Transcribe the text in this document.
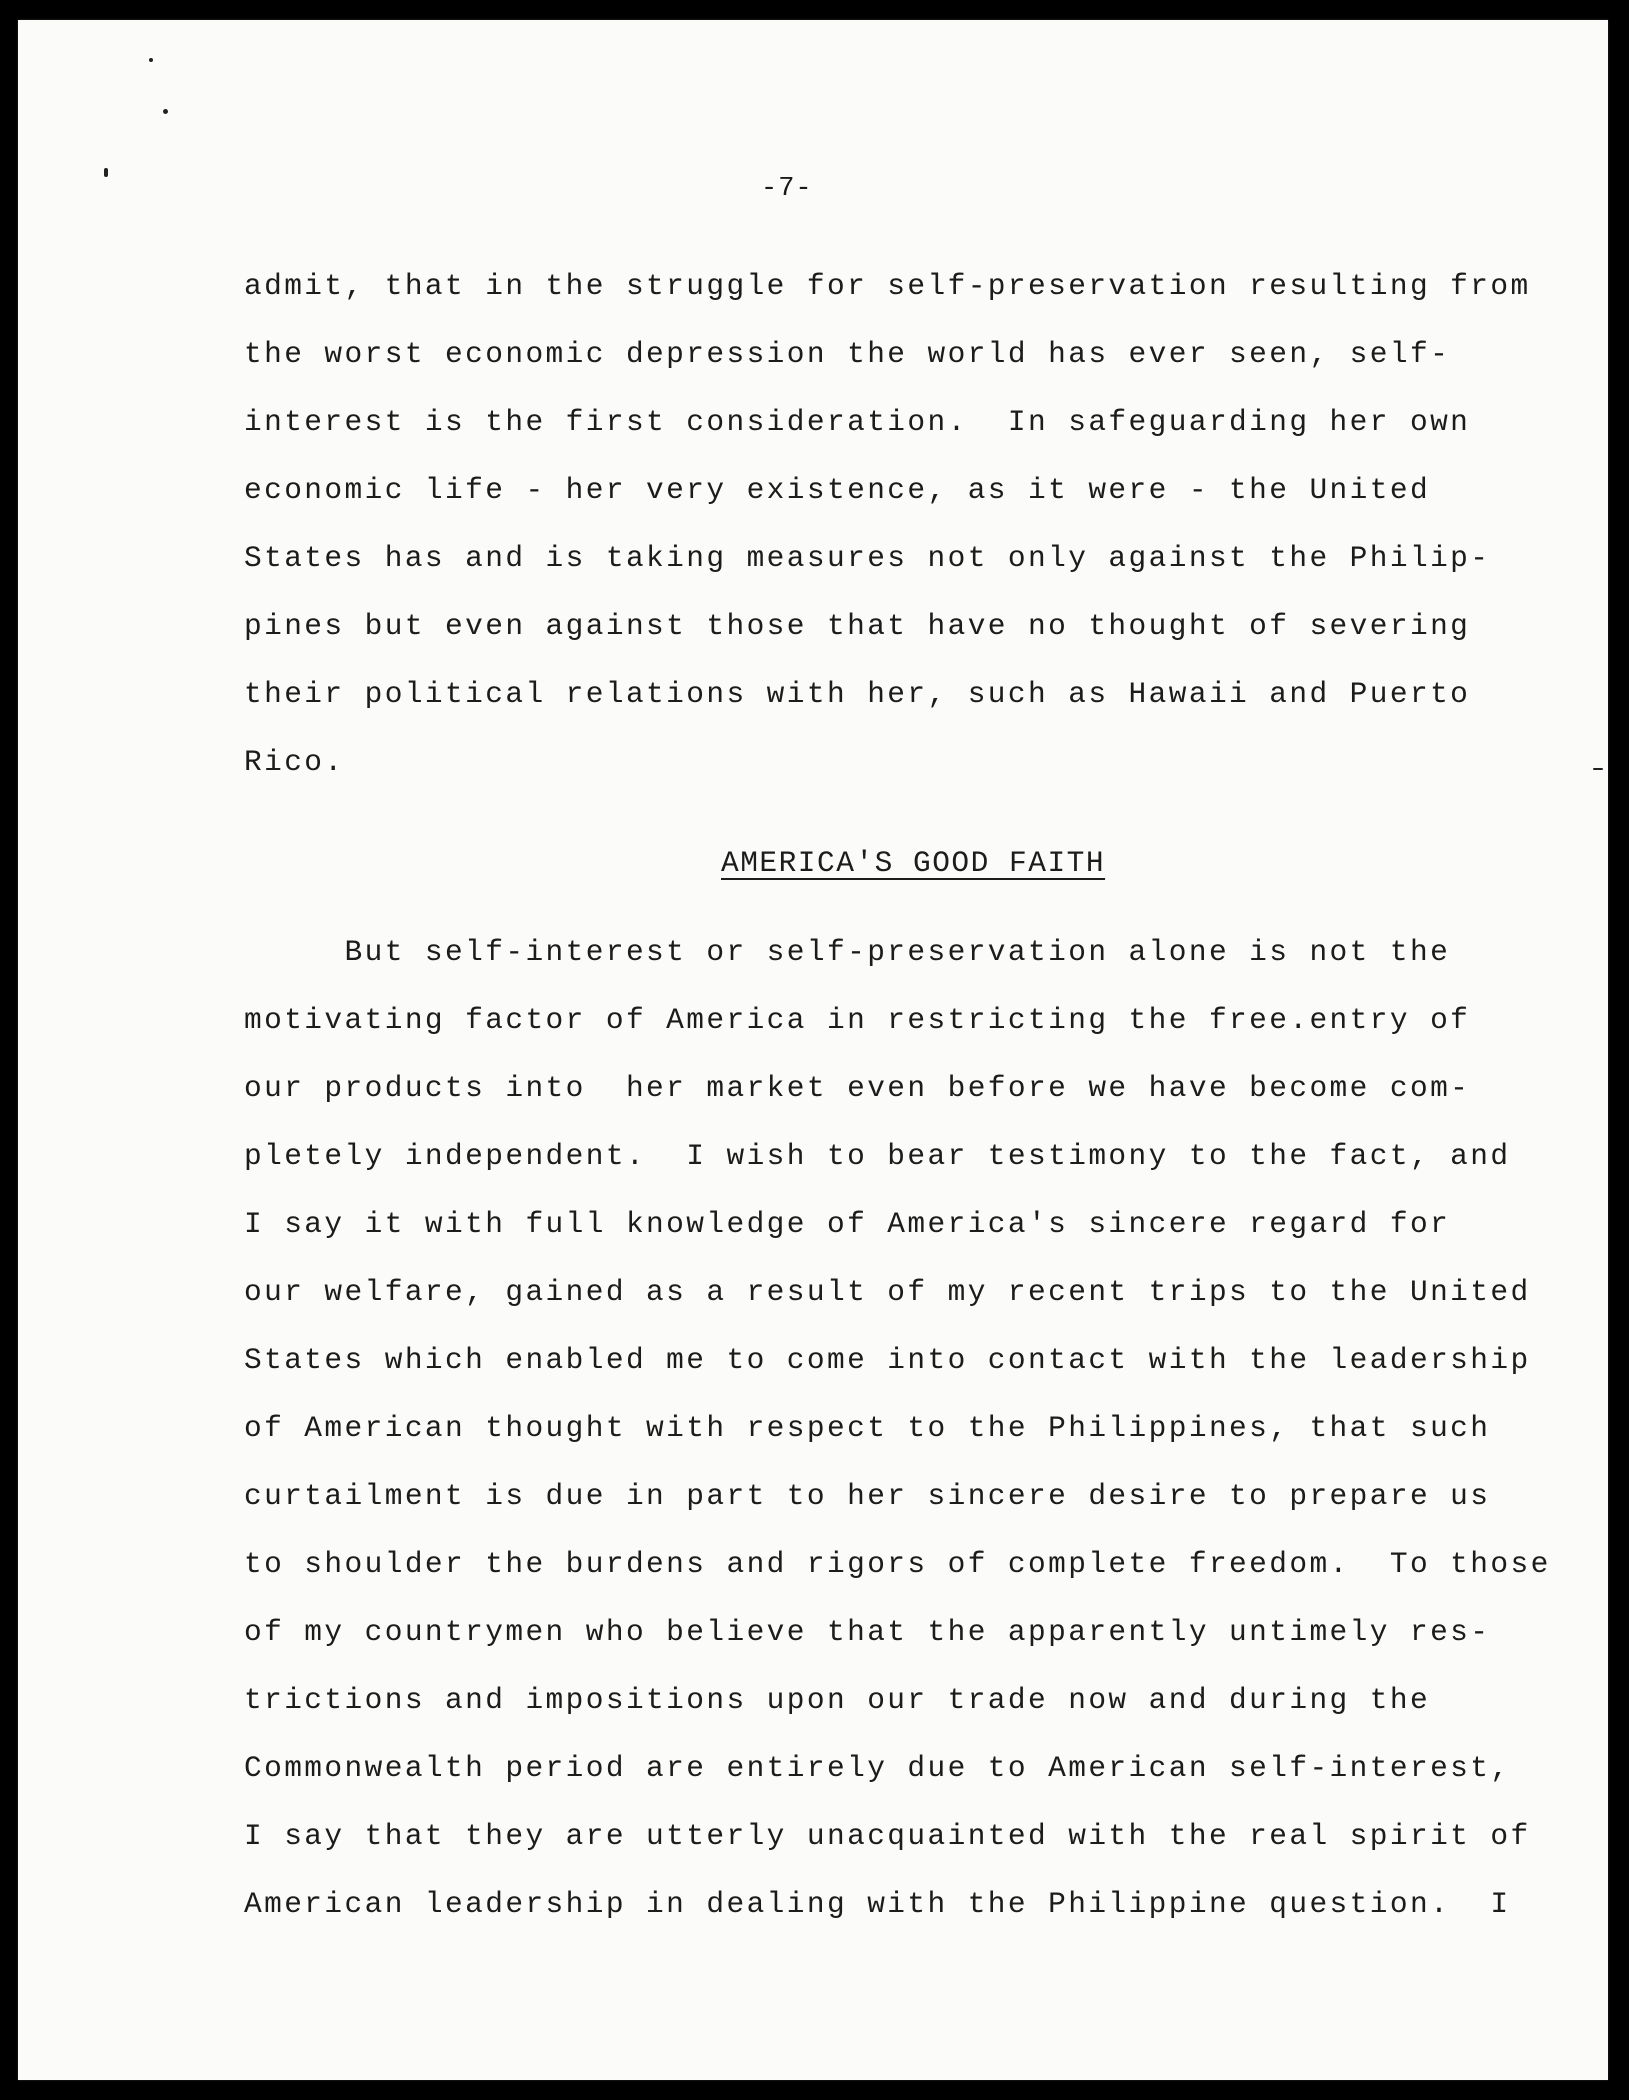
-7-
admit, that in the struggle for self-preservation resulting from
the worst economic depression the world has ever seen, self-
interest is the first consideration.  In safeguarding her own
economic life - her very existence, as it were - the United
States has and is taking measures not only against the Philip-
pines but even against those that have no thought of severing
their political relations with her, such as Hawaii and Puerto
Rico.
AMERICA'S GOOD FAITH
But self-interest or self-preservation alone is not the
motivating factor of America in restricting the free.entry of
our products into  her market even before we have become com-
pletely independent.  I wish to bear testimony to the fact, and
I say it with full knowledge of America's sincere regard for
our welfare, gained as a result of my recent trips to the United
States which enabled me to come into contact with the leadership
of American thought with respect to the Philippines, that such
curtailment is due in part to her sincere desire to prepare us
to shoulder the burdens and rigors of complete freedom.  To those
of my countrymen who believe that the apparently untimely res-
trictions and impositions upon our trade now and during the
Commonwealth period are entirely due to American self-interest,
I say that they are utterly unacquainted with the real spirit of
American leadership in dealing with the Philippine question.  I
